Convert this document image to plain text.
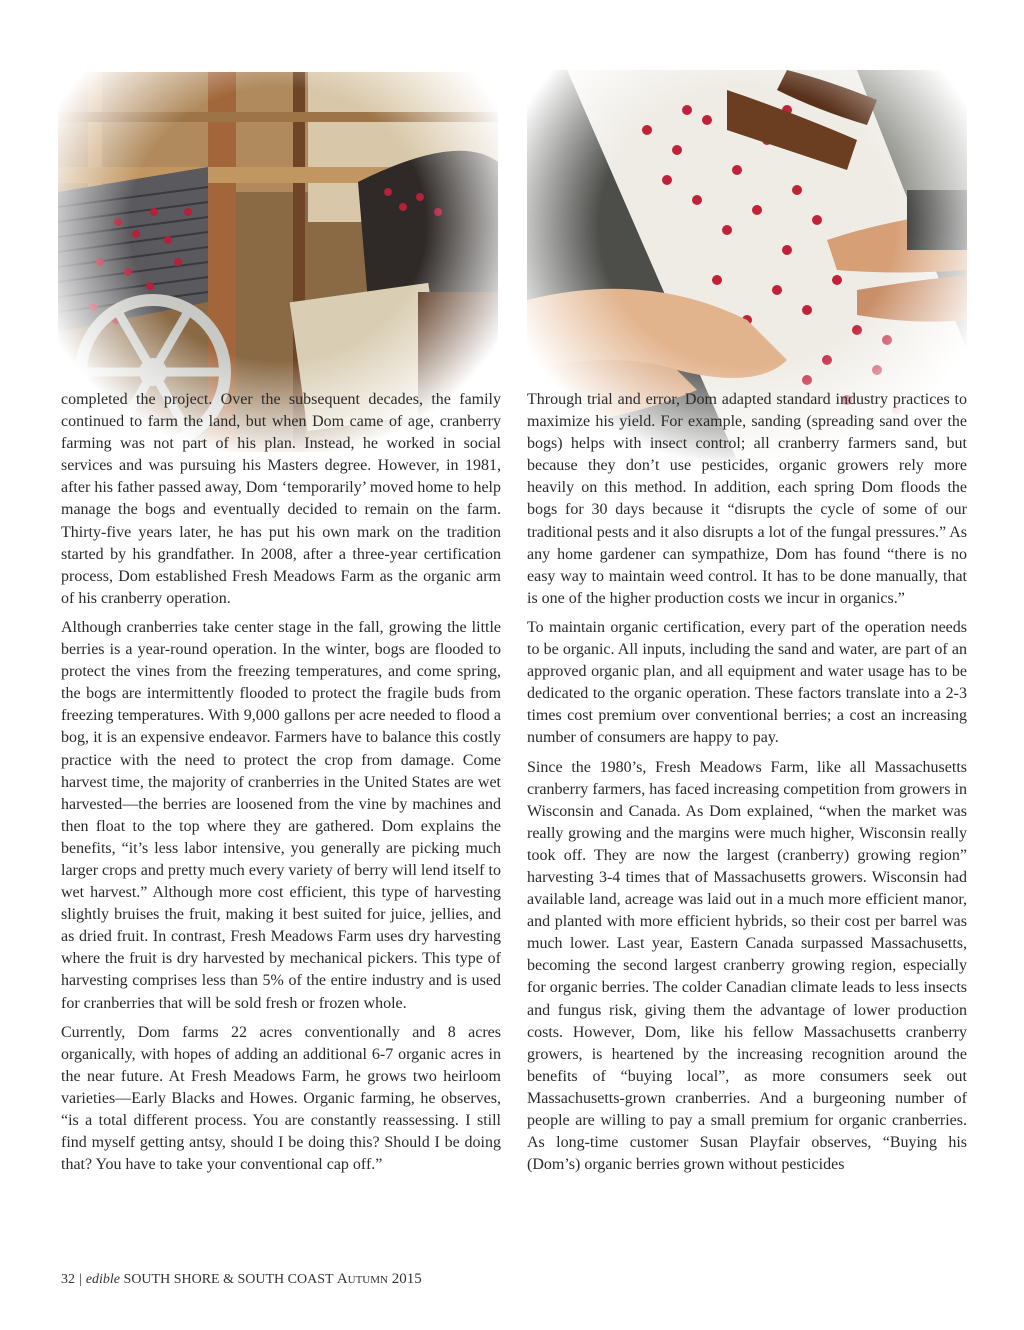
completed the project. Over the subsequent decades, the family continued to farm the land, but when Dom came of age, cranberry farming was not part of his plan. Instead, he worked in social services and was pursuing his Masters degree. However, in 1981, after his father passed away, Dom ‘temporarily’ moved home to help manage the bogs and eventually decided to remain on the farm. Thirty-five years later, he has put his own mark on the tradition started by his grandfather. In 2008, after a three-year certification process, Dom established Fresh Meadows Farm as the organic arm of his cranberry operation.

Although cranberries take center stage in the fall, growing the little berries is a year-round operation. In the winter, bogs are flooded to protect the vines from the freezing temperatures, and come spring, the bogs are intermittently flooded to protect the fragile buds from freezing temperatures. With 9,000 gallons per acre needed to flood a bog, it is an expensive endeavor. Farmers have to balance this costly practice with the need to protect the crop from damage. Come harvest time, the majority of cranberries in the United States are wet harvested—the berries are loosened from the vine by machines and then float to the top where they are gathered. Dom explains the benefits, “it’s less labor intensive, you generally are picking much larger crops and pretty much every variety of berry will lend itself to wet harvest.” Although more cost efficient, this type of harvesting slightly bruises the fruit, making it best suited for juice, jellies, and as dried fruit. In contrast, Fresh Meadows Farm uses dry harvesting where the fruit is dry harvested by mechanical pickers. This type of harvesting comprises less than 5% of the entire industry and is used for cranberries that will be sold fresh or frozen whole.

Currently, Dom farms 22 acres conventionally and 8 acres organically, with hopes of adding an additional 6-7 organic acres in the near future. At Fresh Meadows Farm, he grows two heirloom varieties—Early Blacks and Howes. Organic farming, he observes, “is a total different process. You are constantly reassessing. I still find myself getting antsy, should I be doing this? Should I be doing that? You have to take your conventional cap off.”

Through trial and error, Dom adapted standard industry practices to maximize his yield. For example, sanding (spreading sand over the bogs) helps with insect control; all cranberry farmers sand, but because they don’t use pesticides, organic growers rely more heavily on this method. In addition, each spring Dom floods the bogs for 30 days because it “disrupts the cycle of some of our traditional pests and it also disrupts a lot of the fungal pressures.” As any home gardener can sympathize, Dom has found “there is no easy way to maintain weed control. It has to be done manually, that is one of the higher production costs we incur in organics.”

To maintain organic certification, every part of the operation needs to be organic. All inputs, including the sand and water, are part of an approved organic plan, and all equipment and water usage has to be dedicated to the organic operation. These factors translate into a 2-3 times cost premium over conventional berries; a cost an increasing number of consumers are happy to pay.

Since the 1980’s, Fresh Meadows Farm, like all Massachusetts cranberry farmers, has faced increasing competition from growers in Wisconsin and Canada. As Dom explained, “when the market was really growing and the margins were much higher, Wisconsin really took off. They are now the largest (cranberry) growing region” harvesting 3-4 times that of Massachusetts growers. Wisconsin had available land, acreage was laid out in a much more efficient manor, and planted with more efficient hybrids, so their cost per barrel was much lower. Last year, Eastern Canada surpassed Massachusetts, becoming the second largest cranberry growing region, especially for organic berries. The colder Canadian climate leads to less insects and fungus risk, giving them the advantage of lower production costs. However, Dom, like his fellow Massachusetts cranberry growers, is heartened by the increasing recognition around the benefits of “buying local”, as more consumers seek out Massachusetts-grown cranberries. And a burgeoning number of people are willing to pay a small premium for organic cranberries. As long-time customer Susan Playfair observes, “Buying his (Dom’s) organic berries grown without pesticides

32 | edible SOUTH SHORE & SOUTH COAST Autumn 2015
